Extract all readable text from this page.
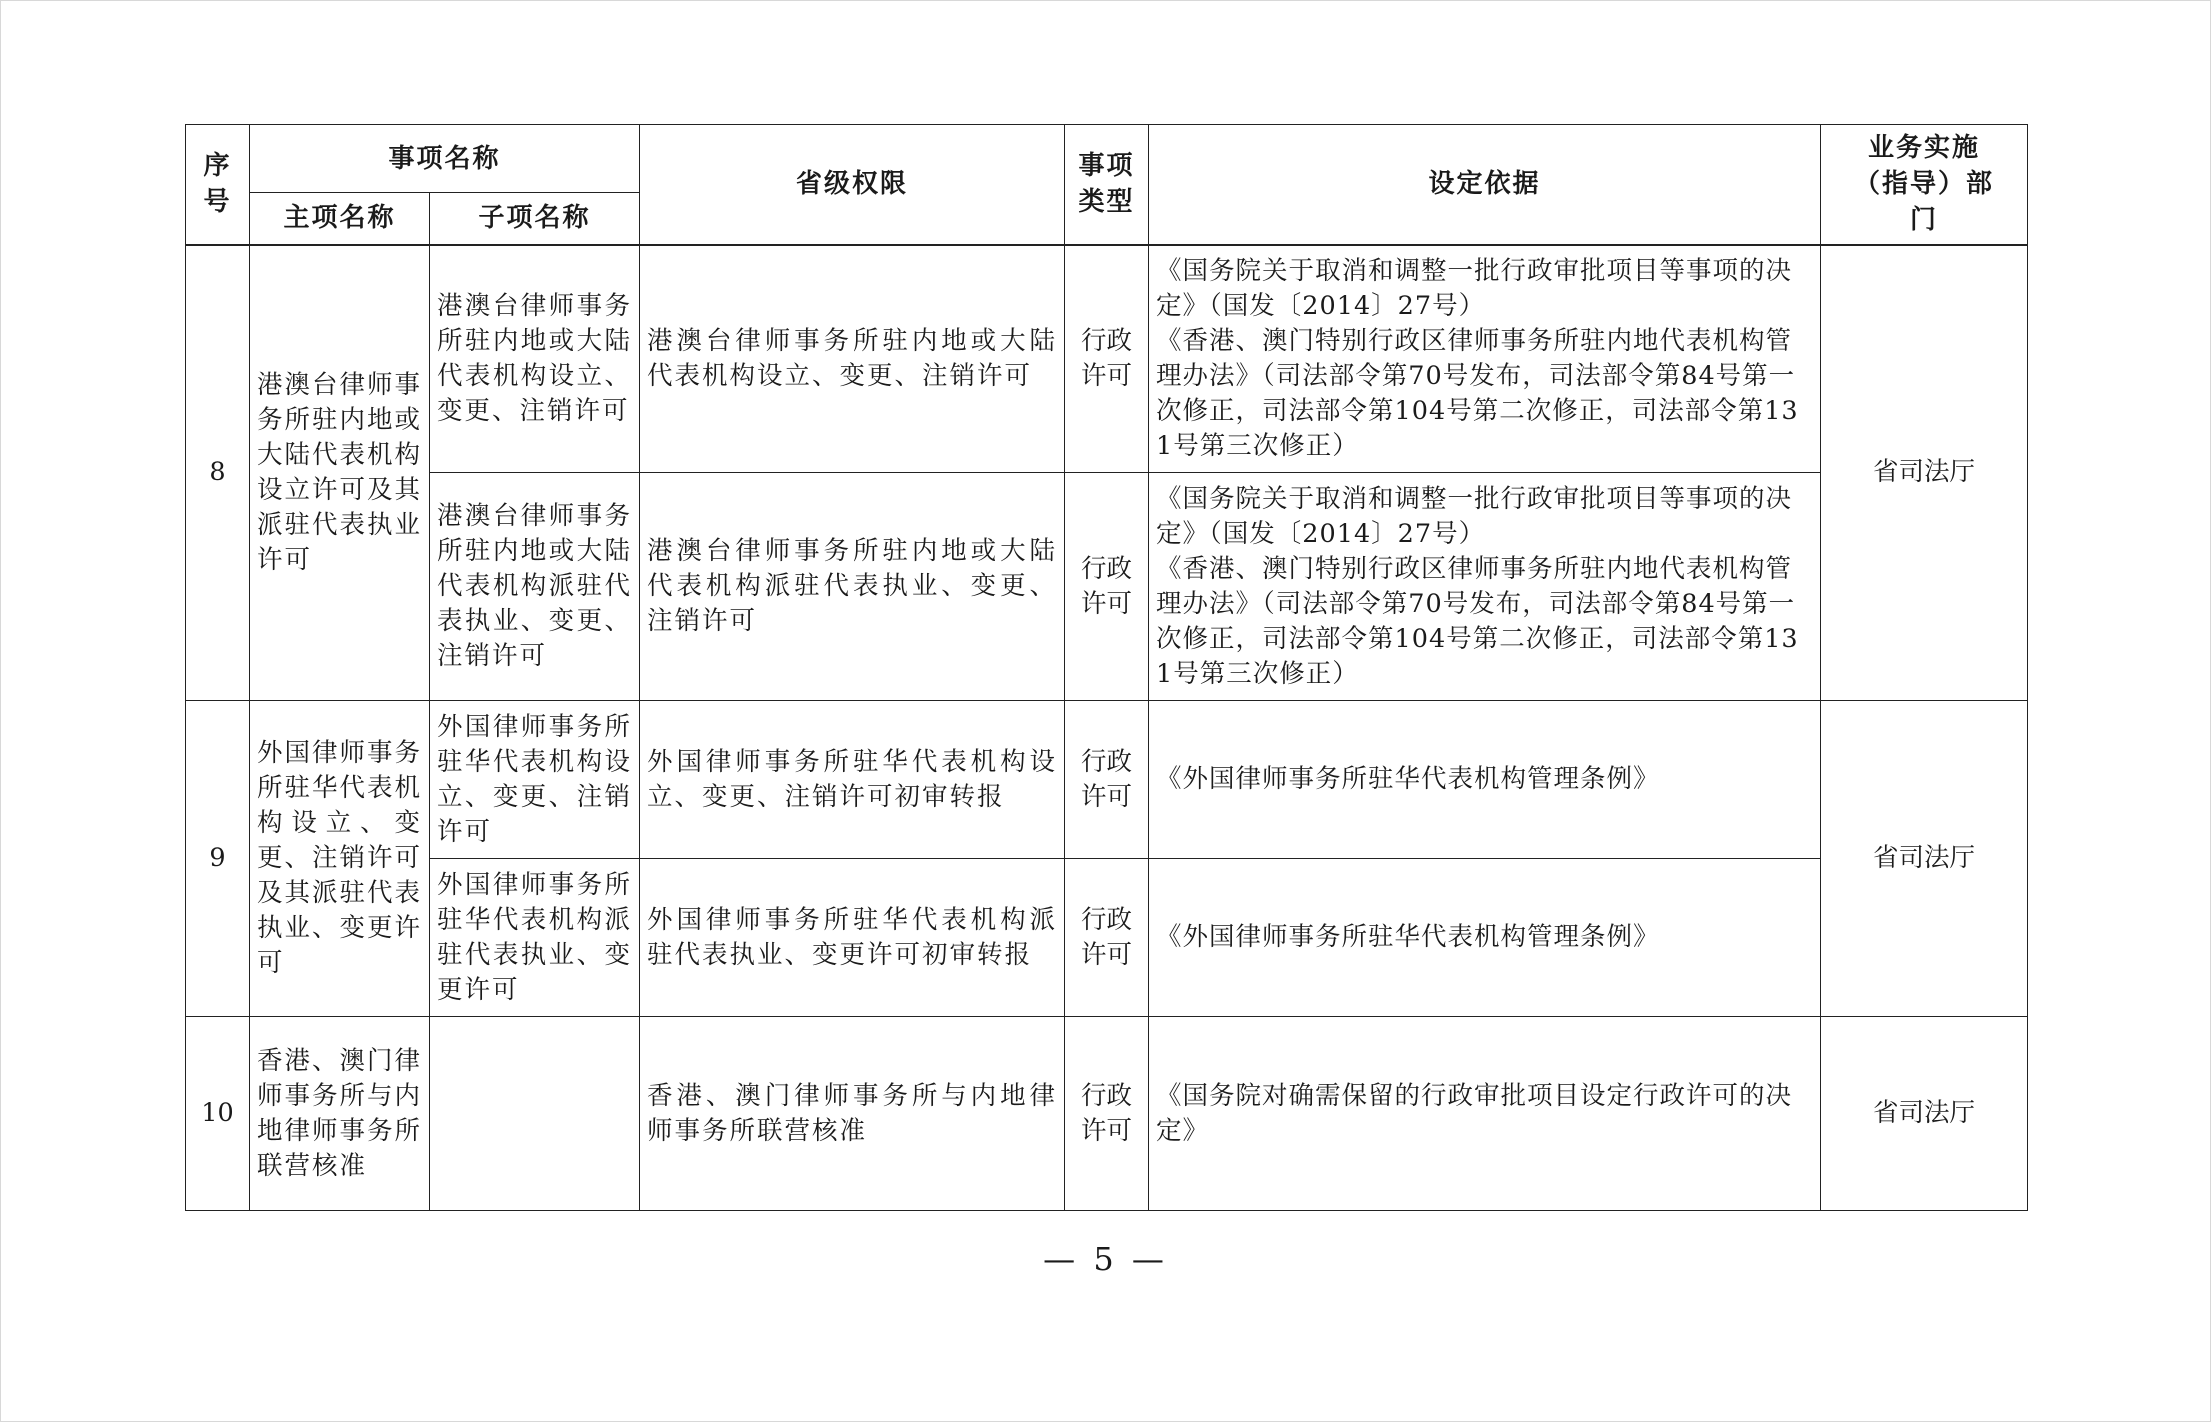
序号	事项名称		省级权限	事项类型	设定依据	业务实施（指导）部门
	主项名称	子项名称				
8	港澳台律师事务所驻内地或大陆代表机构设立许可及其派驻代表执业许可	港澳台律师事务所驻内地或大陆代表机构设立、变更、注销许可	港澳台律师事务所驻内地或大陆代表机构设立、变更、注销许可	行政许可	《国务院关于取消和调整一批行政审批项目等事项的决定》（国发〔2014〕27号）
《香港、澳门特别行政区律师事务所驻内地代表机构管理办法》（司法部令第70号发布，司法部令第84号第一次修正，司法部令第104号第二次修正，司法部令第131号第三次修正）	省司法厅
		港澳台律师事务所驻内地或大陆代表机构派驻代表执业、变更、注销许可	港澳台律师事务所驻内地或大陆代表机构派驻代表执业、变更、注销许可	行政许可	《国务院关于取消和调整一批行政审批项目等事项的决定》（国发〔2014〕27号）
《香港、澳门特别行政区律师事务所驻内地代表机构管理办法》（司法部令第70号发布，司法部令第84号第一次修正，司法部令第104号第二次修正，司法部令第131号第三次修正）	

9	外国律师事务所驻华代表机构设立、变更、注销许可及其派驻代表执业、变更许可	外国律师事务所驻华代表机构设立、变更、注销许可	外国律师事务所驻华代表机构设立、变更、注销许可初审转报	行政许可	《外国律师事务所驻华代表机构管理条例》	省司法厅
		外国律师事务所驻华代表机构派驻代表执业、变更许可	外国律师事务所驻华代表机构派驻代表执业、变更许可初审转报	行政许可	《外国律师事务所驻华代表机构管理条例》	
10	香港、澳门律师事务所与内地律师事务所联营核准		香港、澳门律师事务所与内地律师事务所联营核准	行政许可	《国务院对确需保留的行政审批项目设定行政许可的决定》	省司法厅
— 5 —
